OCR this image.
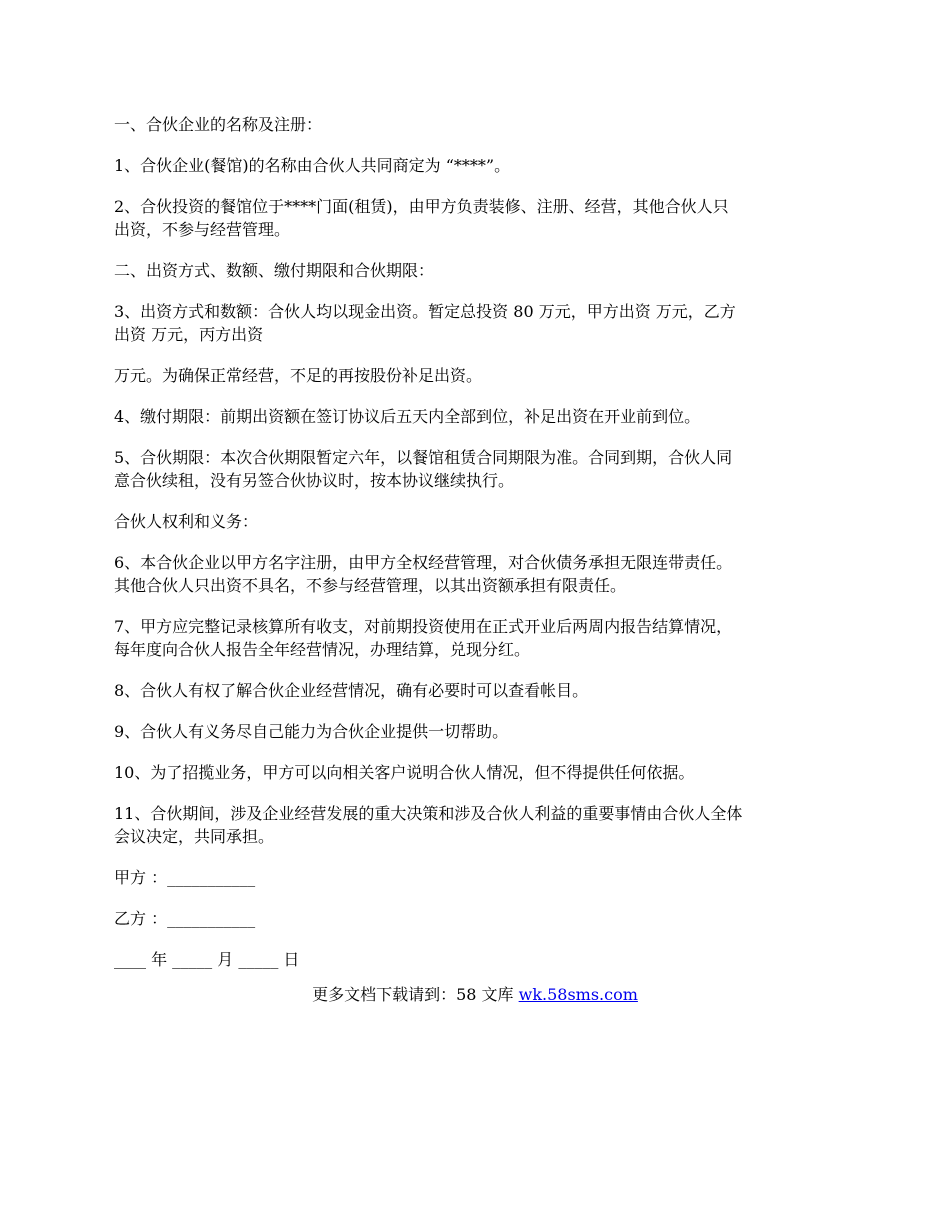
一、合伙企业的名称及注册：

1、合伙企业(餐馆)的名称由合伙人共同商定为 “****”。

2、合伙投资的餐馆位于****门面(租赁)，由甲方负责装修、注册、经营，其他合伙人只
出资，不参与经营管理。

二、出资方式、数额、缴付期限和合伙期限：

3、出资方式和数额：合伙人均以现金出资。暂定总投资 80 万元，甲方出资 万元，乙方
出资 万元，丙方出资

万元。为确保正常经营，不足的再按股份补足出资。

4、缴付期限：前期出资额在签订协议后五天内全部到位，补足出资在开业前到位。

5、合伙期限：本次合伙期限暂定六年，以餐馆租赁合同期限为准。合同到期，合伙人同
意合伙续租，没有另签合伙协议时，按本协议继续执行。

合伙人权利和义务：

6、本合伙企业以甲方名字注册，由甲方全权经营管理，对合伙债务承担无限连带责任。
其他合伙人只出资不具名，不参与经营管理，以其出资额承担有限责任。

7、甲方应完整记录核算所有收支，对前期投资使用在正式开业后两周内报告结算情况，
每年度向合伙人报告全年经营情况，办理结算，兑现分红。

8、合伙人有权了解合伙企业经营情况，确有必要时可以查看帐目。

9、合伙人有义务尽自己能力为合伙企业提供一切帮助。

10、为了招揽业务，甲方可以向相关客户说明合伙人情况，但不得提供任何依据。

11、合伙期间，涉及企业经营发展的重大决策和涉及合伙人利益的重要事情由合伙人全体
会议决定，共同承担。

甲方 ：___________

乙方 ：___________

____ 年 _____ 月 _____ 日

更多文档下载请到：58 文库 wk.58sms.com
